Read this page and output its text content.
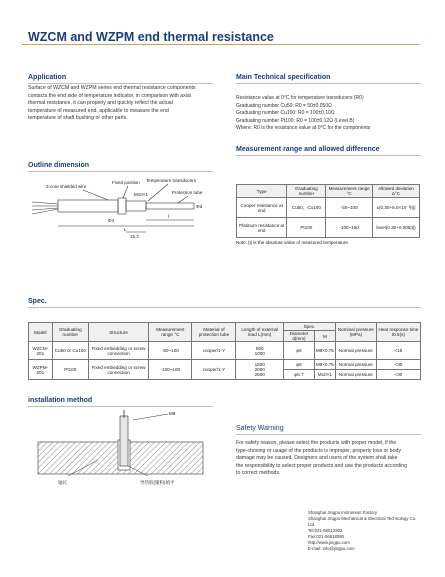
WZCM and WZPM end thermal resistance
Application
Surface of WZCM and WZPM series end thermal resistance components
contacts the end side of temperature indicator, in comparison with axial
thermal resistance, it can properly and quickly reflect the actual
temperature of measured end, applicable to measure the end
temperature of shaft bushing or other parts.
Main Technical specification
Resistance value at 0°C for temperature transducers (R0)
Graduating number Cu50: R0 = 50±0.050Ω
Graduating number Cu100: R0 = 100±0.10Ω
Graduating number Pt100: R0 = 100±0.12Ω (Level B)
Where: R0 is the resistance value at 0°C for the components
Outline dimension
3-core shielded wire
Fixed position Temperature transducers
Protection tube
M10×1
Φ4
Φd
L
15.3
l
Measurement range and allowed difference
Type	Graduating number	Measurement range °C	Allowed deviation Δ°C
Cooper resistance at end	Cu50、Cu100	-50~100	±(0.30+6.0×10⁻³|t|)
Platinum resistance at end	Pt100	-100~150	level(0.30+0.005|t|)
Note: |t| is the absolute value of measured temperature.
Spec.
Model	Graduating number	Structure	Measurement range °C	Material of protection tube	Length of external lead L(mm)	Spec.		Nominal pressure (MPa)	Heat response time t0.5(s)
						Diameter d(mm)	M		
WZCM-201	Cu50 or Cu100	Fixed embedding or screw connection	-50~100	cooper/1-Y	500
1000	φ6	M8×0.75	Normal pressure	<15
WZPM-201	Pt100	Fixed embedding or screw connection	-100~100	cooper/1-Y	1500
2000
2500	φ6	M8×0.75	Normal pressure	<30
						φ6.7	M10×1	Normal pressure	<30
installation method
M8
轴瓦	导热胶(银粉)填平
Safety Warning
For safety reason, please select the products with proper model, if the
type-chosing or usage of the products is improper, property loss or body
damage may be caused. Designers and users of the system shall take
the responsibility to select proper products and use the products according
to correct methods.
Shanghai Jingpu Instrument Factory
Shanghai Jingpu Mechanical & Electrical Technology Co. Ltd.
Tel:021-56612902
Fax:021-56618080
http://www.jingpu.com
E-mail: info@jingpu.com
